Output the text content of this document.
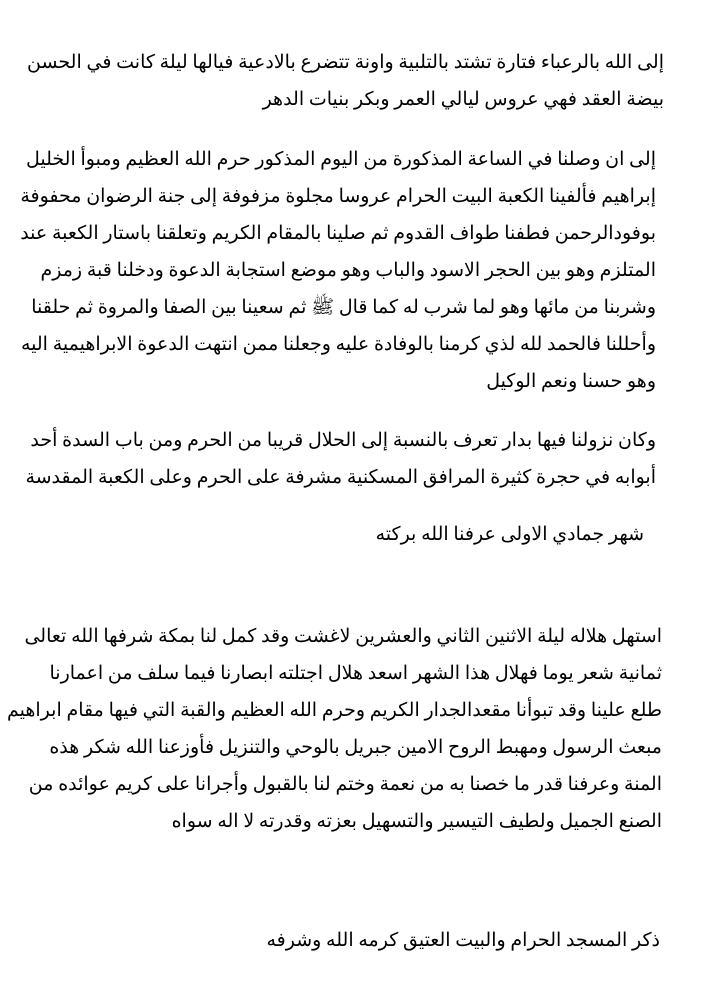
إلى الله بالرعباء فتارة تشتد بالتلبية واونة تتضرع بالادعية فيالها ليلة كانت في الحسن
بيضة العقد فهي عروس ليالي العمر وبكر بنيات الدهر
إلى ان وصلنا في الساعة المذكورة من اليوم المذكور حرم الله العظيم ومبوأ الخليل
إبراهيم فألفينا الكعبة البيت الحرام عروسا مجلوة مزفوفة إلى جنة الرضوان محفوفة
بوفودالرحمن فطفنا طواف القدوم ثم صلينا بالمقام الكريم وتعلقنا باستار الكعبة عند
المتلزم وهو بين الحجر الاسود والباب وهو موضع استجابة الدعوة ودخلنا قبة زمزم
وشربنا من مائها وهو لما شرب له كما قال ﷺ ثم سعينا بين الصفا والمروة ثم حلقنا
وأحللنا فالحمد لله لذي كرمنا بالوفادة عليه وجعلنا ممن انتهت الدعوة الابراهيمية اليه
وهو حسنا ونعم الوكيل
وكان نزولنا فيها بدار تعرف بالنسبة إلى الحلال قريبا من الحرم ومن باب السدة أحد
أبوابه في حجرة كثيرة المرافق المسكنية مشرفة على الحرم وعلى الكعبة المقدسة
شهر جمادي الاولى عرفنا الله بركته
استهل هلاله ليلة الاثنين الثاني والعشرين لاغشت وقد كمل لنا بمكة شرفها الله تعالى
ثمانية شعر يوما فهلال هذا الشهر اسعد هلال اجتلته ابصارنا فيما سلف من اعمارنا
طلع علينا وقد تبوأنا مقعدالجدار الكريم وحرم الله العظيم والقبة التي فيها مقام ابراهيم
مبعث الرسول ومهبط الروح الامين جبريل بالوحي والتنزيل فأوزعنا الله شكر هذه
المنة وعرفنا قدر ما خصنا به من نعمة وختم لنا بالقبول وأجرانا على كريم عوائده من
الصنع الجميل ولطيف التيسير والتسهيل بعزته وقدرته لا اله سواه
ذكر المسجد الحرام والبيت العتيق كرمه الله وشرفه
